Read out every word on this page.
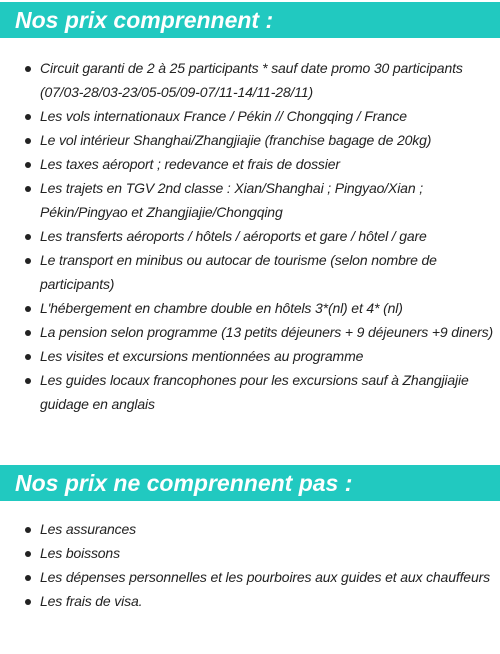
Nos prix comprennent :
Circuit garanti de 2 à 25 participants * sauf date promo 30 participants (07/03-28/03-23/05-05/09-07/11-14/11-28/11)
Les vols internationaux France / Pékin // Chongqing / France
Le vol intérieur Shanghai/Zhangjiajie (franchise bagage de 20kg)
Les taxes aéroport ; redevance et frais de dossier
Les trajets en TGV 2nd classe : Xian/Shanghai ; Pingyao/Xian ; Pékin/Pingyao et Zhangjiajie/Chongqing
Les transferts aéroports / hôtels / aéroports et gare / hôtel / gare
Le transport en minibus ou autocar de tourisme (selon nombre de participants)
L'hébergement en chambre double en hôtels 3*(nl) et 4* (nl)
La pension selon programme (13 petits déjeuners + 9 déjeuners +9 diners)
Les visites et excursions mentionnées au programme
Les guides locaux francophones pour les excursions sauf à Zhangjiajie guidage en anglais
Nos prix ne comprennent pas :
Les assurances
Les boissons
Les dépenses personnelles et les pourboires aux guides et aux chauffeurs
Les frais de visa.
